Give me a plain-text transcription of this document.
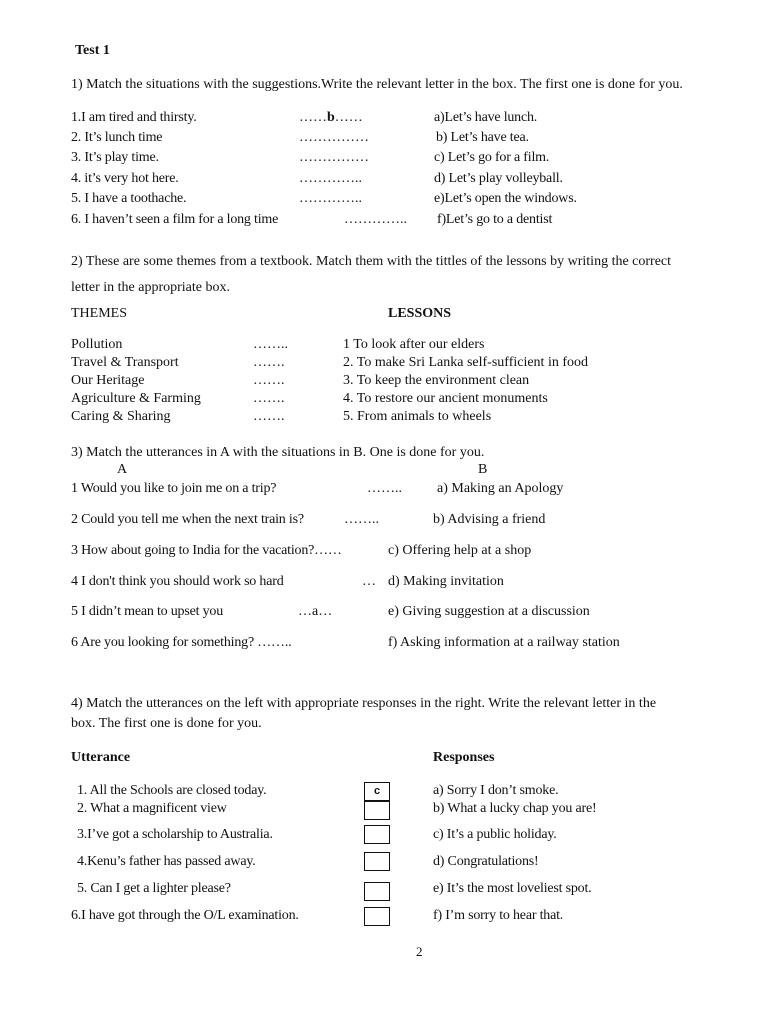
Test 1
1) Match the situations with the suggestions.Write the relevant letter in the box. The first one is done for you.
1.I am tired and thirsty.	……b……	a)Let’s have lunch.
2. It’s lunch time	……………	b) Let’s have tea.
3. It’s play time.	……………	c) Let’s go for a film.
4. it’s very hot here.	…………..	d) Let’s play volleyball.
5. I have a toothache.	…………..	e)Let’s open the windows.
6. I haven’t seen a film for a long time	………….. f)Let’s go to a dentist
2) These are some themes from a textbook. Match them with the tittles of the lessons by writing the correct
letter in the appropriate box.
THEMES	LESSONS
Pollution	……..	1 To look after our elders
Travel & Transport	…….	2. To make Sri Lanka self-sufficient in food
Our Heritage	…….	3. To keep the environment clean
Agriculture & Farming	…….	4. To restore our ancient monuments
Caring & Sharing	…….	5. From animals to wheels
3) Match the utterances in A with the situations in B. One is done for you.
A	B
1 Would you like to join me on a trip?	……..	a) Making an Apology
2 Could you tell me when the next train is?	……..	b) Advising a friend
3 How about going to India for the vacation?……	c) Offering help at a shop
4 I don't think you should work so hard	… d) Making invitation
5 I didn’t mean to upset you	…a…	e) Giving suggestion at a discussion
6 Are you looking for something? ……..	f) Asking information at a railway station
4) Match the utterances on the left with appropriate responses in the right. Write the relevant letter in the
box. The first one is done for you.
Utterance	Responses
1. All the Schools are closed today.	c	a) Sorry I don’t smoke.
2. What a magnificent view	b) What a lucky chap you are!
3.I’ve got a scholarship to Australia.	c) It’s a public holiday.
4.Kenu’s father has passed away.	d) Congratulations!
5. Can I get a lighter please?	e) It’s the most loveliest spot.
6.I have got through the O/L examination.	f) I’m sorry to hear that.
2
